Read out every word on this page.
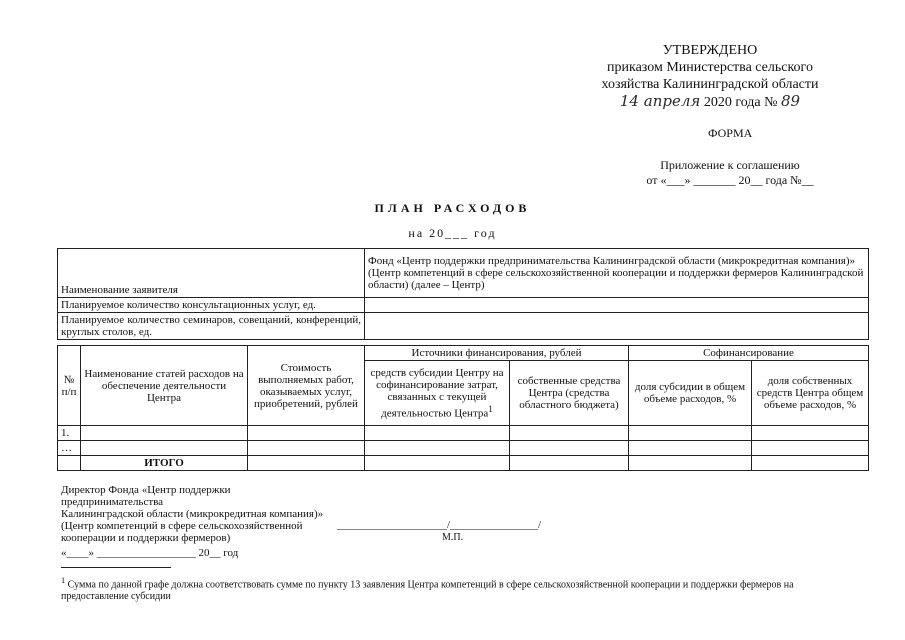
УТВЕРЖДЕНО
приказом Министерства сельского
хозяйства Калининградской области
14 апреля 2020 года № 89
ФОРМА
Приложение к соглашению
от «___» _______ 20__ года №__
ПЛАН РАСХОДОВ
на 20___ год
Наименование заявителя	Фонд «Центр поддержки предпринимательства Калининградской области (микрокредитная компания)» (Центр компетенций в сфере сельскохозяйственной кооперации и поддержки фермеров Калининградской области) (далее – Центр)
Планируемое количество консультационных услуг, ед.	
Планируемое количество семинаров, совещаний, конференций, круглых столов, ед.	
№ п/п	Наименование статей расходов на обеспечение деятельности Центра	Стоимость выполняемых работ, оказываемых услуг, приобретений, рублей	Источники финансирования, рублей		Софинансирование	
			средств субсидии Центру на софинансирование затрат, связанных с текущей деятельностью Центра$^1$	собственные средства Центра (средства областного бюджета)	доля субсидии в общем объеме расходов, %	доля собственных средств Центра общем объеме расходов, %
1.						
…						
	ИТОГО					
Директор Фонда «Центр поддержки предпринимательства
Калининградской области (микрокредитная компания)»
(Центр компетенций в сфере сельскохозяйственной
кооперации и поддержки фермеров)
____________________/________________/
М.П.
«____» __________________ 20__ год
$^1$ Сумма по данной графе должна соответствовать сумме по пункту 13 заявления Центра компетенций в сфере сельскохозяйственной кооперации и поддержки фермеров на предоставление субсидии
